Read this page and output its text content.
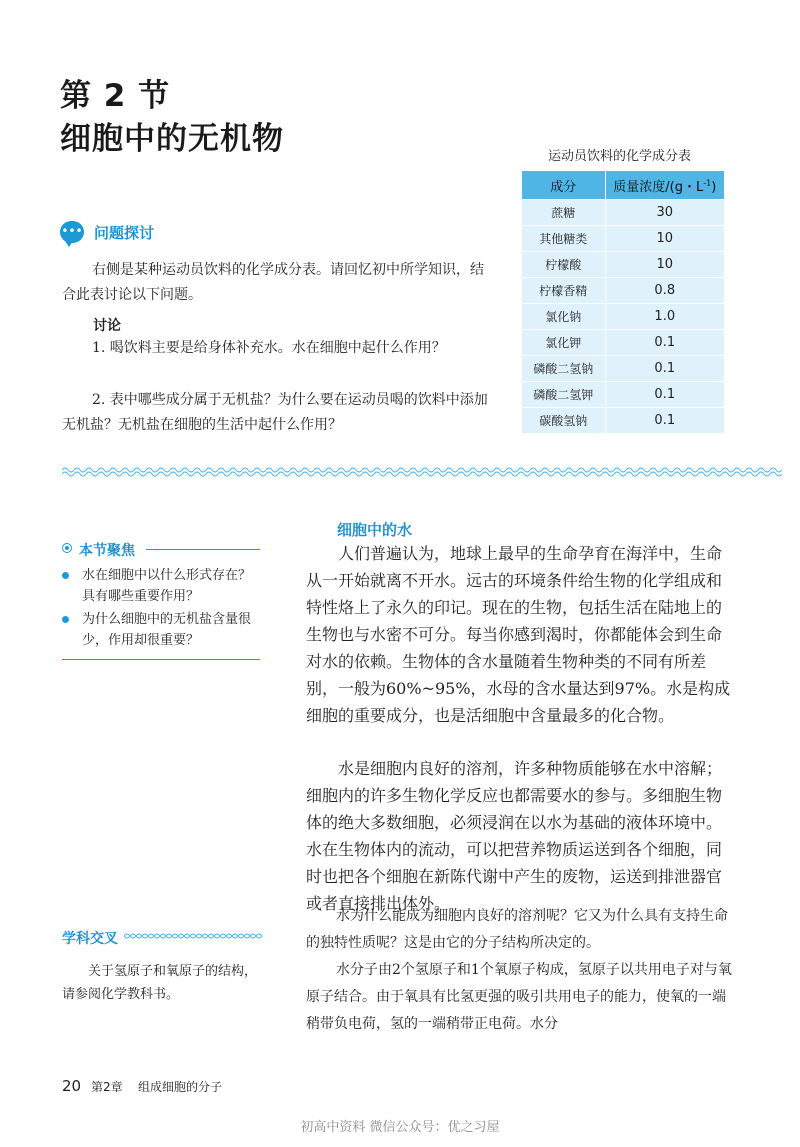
第 2 节
细胞中的无机物
••• 问题探讨
右侧是某种运动员饮料的化学成分表。请回忆初中所学知识，结合此表讨论以下问题。
讨论
1. 喝饮料主要是给身体补充水。水在细胞中起什么作用？
2. 表中哪些成分属于无机盐？为什么要在运动员喝的饮料中添加无机盐？无机盐在细胞的生活中起什么作用？
运动员饮料的化学成分表
成分	质量浓度/(g・$L^{-1}$)
蔗糖	30
其他糖类	10
柠檬酸	10
柠檬香精	0.8
氯化钠	1.0
氯化钾	0.1
磷酸二氢钠	0.1
磷酸二氢钾	0.1
碳酸氢钠	0.1
本节聚焦
水在细胞中以什么形式存在？具有哪些重要作用？
为什么细胞中的无机盐含量很少，作用却很重要？
细胞中的水
人们普遍认为，地球上最早的生命孕育在海洋中，生命从一开始就离不开水。远古的环境条件给生物的化学组成和特性烙上了永久的印记。现在的生物，包括生活在陆地上的生物也与水密不可分。每当你感到渴时，你都能体会到生命对水的依赖。生物体的含水量随着生物种类的不同有所差别，一般为60%~95%，水母的含水量达到97%。水是构成细胞的重要成分，也是活细胞中含量最多的化合物。
水是细胞内良好的溶剂，许多种物质能够在水中溶解；细胞内的许多生物化学反应也都需要水的参与。多细胞生物体的绝大多数细胞，必须浸润在以水为基础的液体环境中。水在生物体内的流动，可以把营养物质运送到各个细胞，同时也把各个细胞在新陈代谢中产生的废物，运送到排泄器官或者直接排出体外。
水为什么能成为细胞内良好的溶剂呢？它又为什么具有支持生命的独特性质呢？这是由它的分子结构所决定的。
水分子由2个氢原子和1个氧原子构成，氢原子以共用电子对与氧原子结合。由于氧具有比氢更强的吸引共用电子的能力，使氧的一端稍带负电荷，氢的一端稍带正电荷。水分
学科交叉
关于氢原子和氧原子的结构，请参阅化学教科书。
20 第2章 组成细胞的分子
初高中资料 微信公众号：优之习屋
